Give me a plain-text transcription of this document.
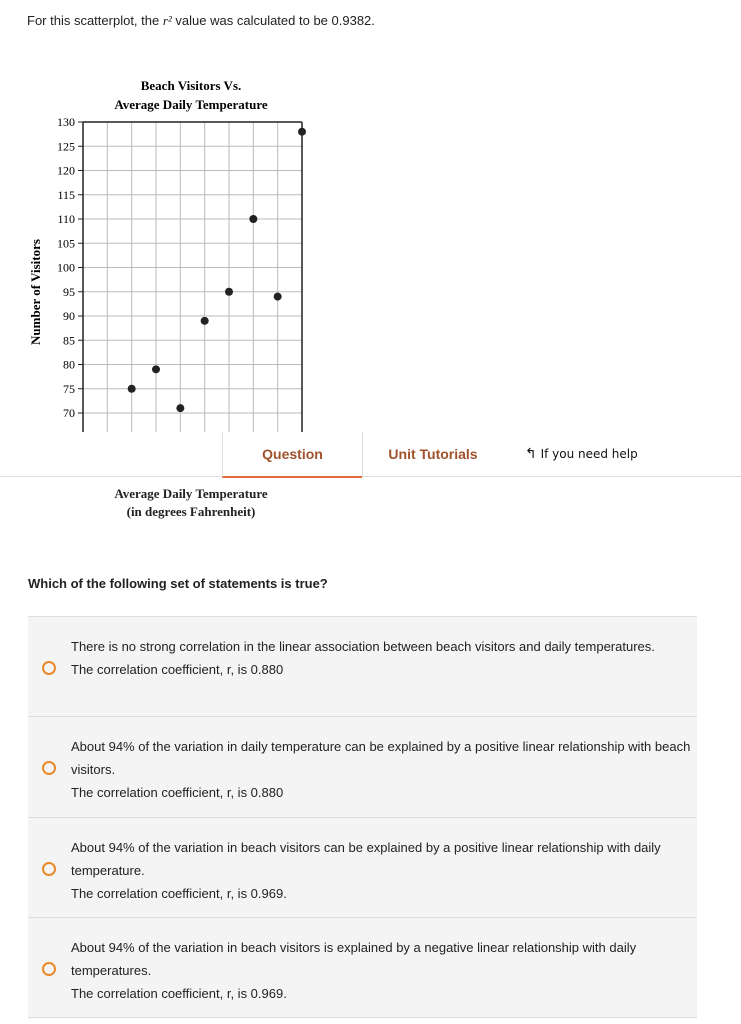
For this scatterplot, the r² value was calculated to be 0.9382.
70
75
80
85
90
95
100
105
110
115
120
125
130
Beach Visitors Vs.
Average Daily Temperature
Number of Visitors
Question	Unit Tutorials	↰ If you need help
Average Daily Temperature
(in degrees Fahrenheit)
Which of the following set of statements is true?
There is no strong correlation in the linear association between beach visitors and daily temperatures.
The correlation coefficient, r, is 0.880
About 94% of the variation in daily temperature can be explained by a positive linear relationship with beach visitors.
The correlation coefficient, r, is 0.880
About 94% of the variation in beach visitors can be explained by a positive linear relationship with daily temperature.
The correlation coefficient, r, is 0.969.
About 94% of the variation in beach visitors is explained by a negative linear relationship with daily temperatures.
The correlation coefficient, r, is 0.969.
